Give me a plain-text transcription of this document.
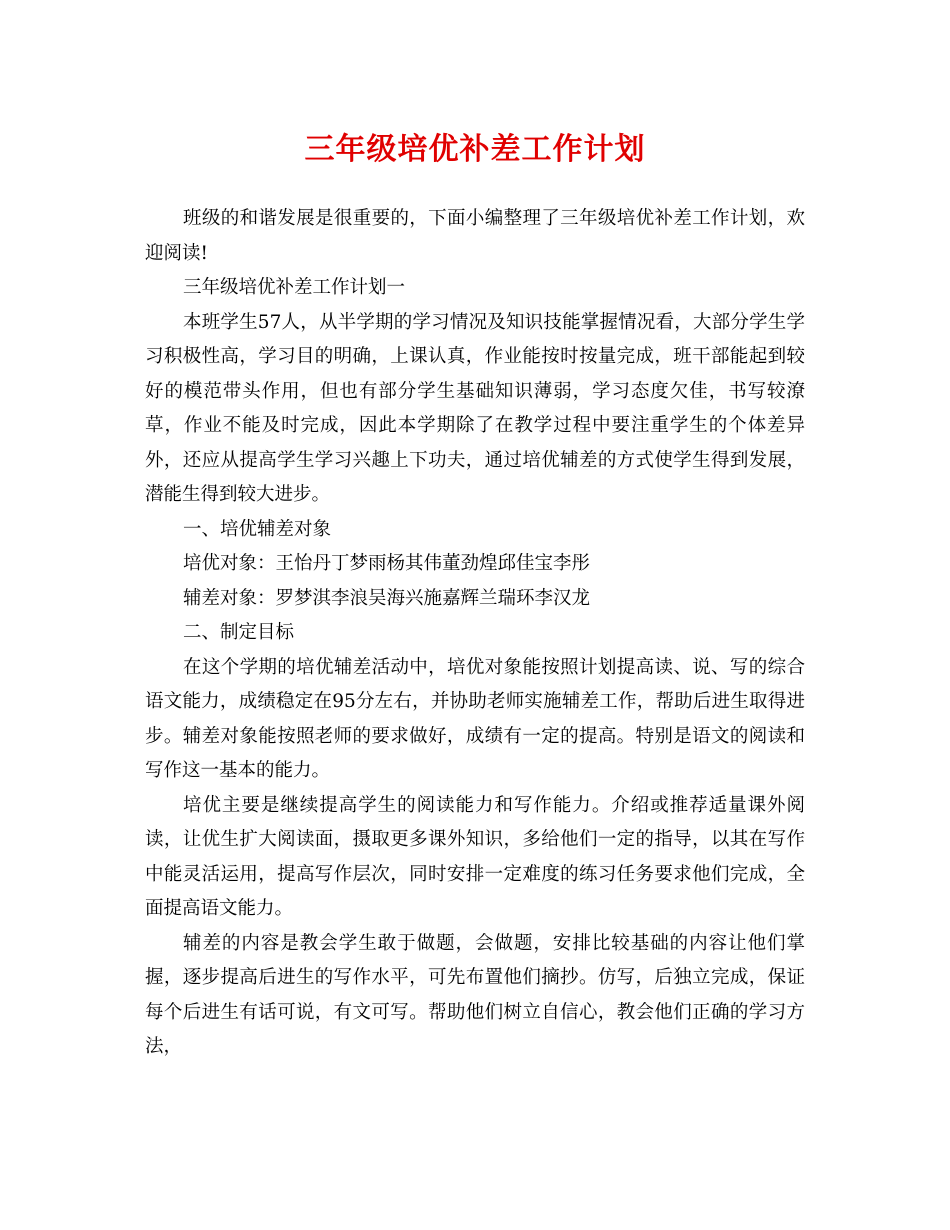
三年级培优补差工作计划

班级的和谐发展是很重要的，下面小编整理了三年级培优补差工作计划，欢迎阅读!

三年级培优补差工作计划一

本班学生57人，从半学期的学习情况及知识技能掌握情况看，大部分学生学习积极性高，学习目的明确，上课认真，作业能按时按量完成，班干部能起到较好的模范带头作用，但也有部分学生基础知识薄弱，学习态度欠佳，书写较潦草，作业不能及时完成，因此本学期除了在教学过程中要注重学生的个体差异外，还应从提高学生学习兴趣上下功夫，通过培优辅差的方式使学生得到发展，潜能生得到较大进步。

一、培优辅差对象

培优对象：王怡丹丁梦雨杨其伟董劲煌邱佳宝李彤

辅差对象：罗梦淇李浪吴海兴施嘉辉兰瑞环李汉龙

二、制定目标

在这个学期的培优辅差活动中，培优对象能按照计划提高读、说、写的综合语文能力，成绩稳定在95分左右，并协助老师实施辅差工作，帮助后进生取得进步。辅差对象能按照老师的要求做好，成绩有一定的提高。特别是语文的阅读和写作这一基本的能力。

培优主要是继续提高学生的阅读能力和写作能力。介绍或推荐适量课外阅读，让优生扩大阅读面，摄取更多课外知识，多给他们一定的指导，以其在写作中能灵活运用，提高写作层次，同时安排一定难度的练习任务要求他们完成，全面提高语文能力。

辅差的内容是教会学生敢于做题，会做题，安排比较基础的内容让他们掌握，逐步提高后进生的写作水平，可先布置他们摘抄。仿写，后独立完成，保证每个后进生有话可说，有文可写。帮助他们树立自信心，教会他们正确的学习方法，
